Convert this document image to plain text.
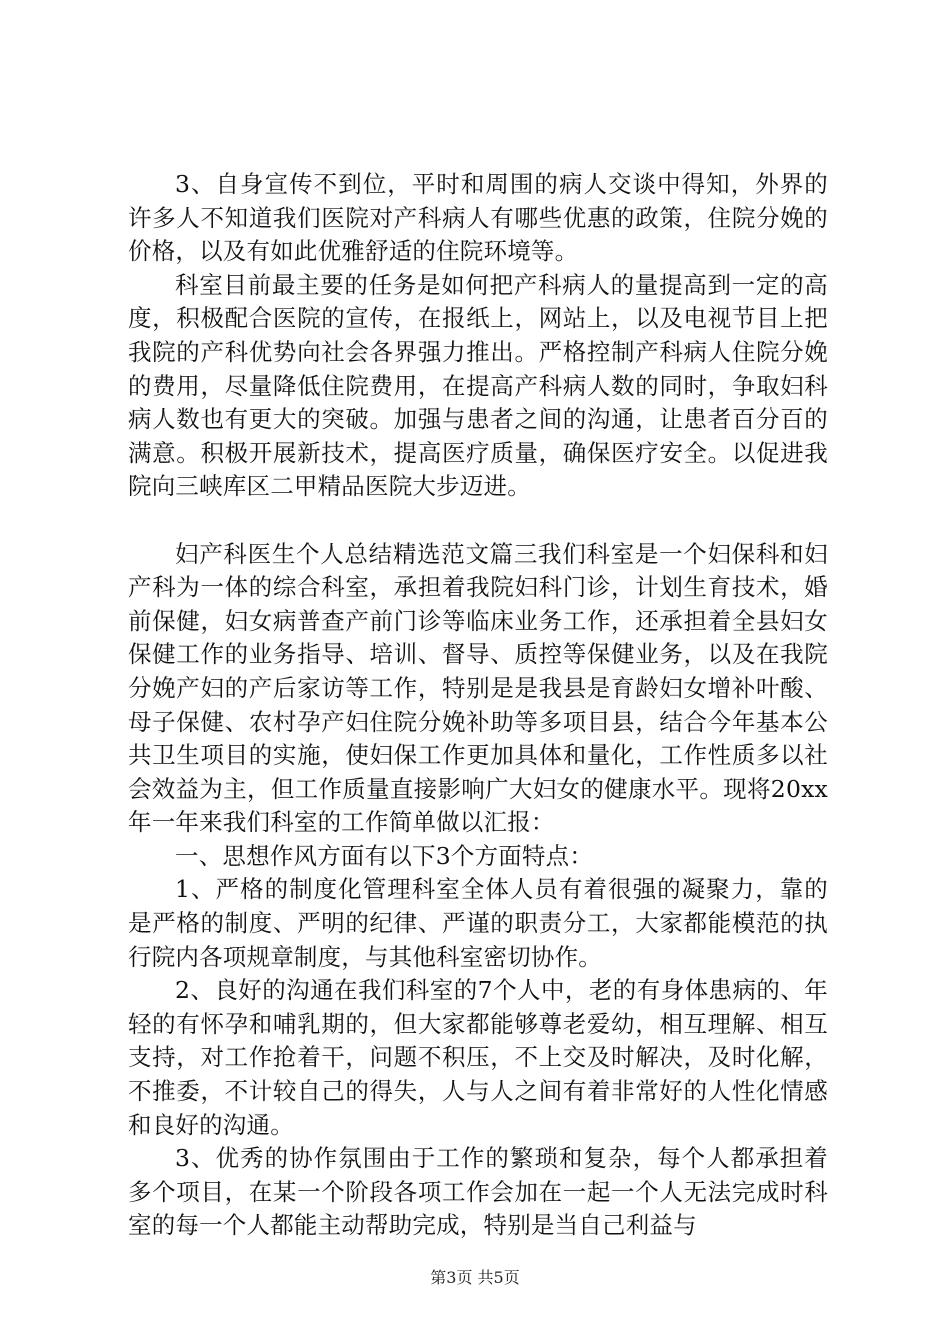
3、自身宣传不到位，平时和周围的病人交谈中得知，外界的许多人不知道我们医院对产科病人有哪些优惠的政策，住院分娩的价格，以及有如此优雅舒适的住院环境等。

科室目前最主要的任务是如何把产科病人的量提高到一定的高度，积极配合医院的宣传，在报纸上，网站上，以及电视节目上把我院的产科优势向社会各界强力推出。严格控制产科病人住院分娩的费用，尽量降低住院费用，在提高产科病人数的同时，争取妇科病人数也有更大的突破。加强与患者之间的沟通，让患者百分百的满意。积极开展新技术，提高医疗质量，确保医疗安全。以促进我院向三峡库区二甲精品医院大步迈进。

妇产科医生个人总结精选范文篇三我们科室是一个妇保科和妇产科为一体的综合科室，承担着我院妇科门诊，计划生育技术，婚前保健，妇女病普查产前门诊等临床业务工作，还承担着全县妇女保健工作的业务指导、培训、督导、质控等保健业务，以及在我院分娩产妇的产后家访等工作，特别是是我县是育龄妇女增补叶酸、母子保健、农村孕产妇住院分娩补助等多项目县，结合今年基本公共卫生项目的实施，使妇保工作更加具体和量化，工作性质多以社会效益为主，但工作质量直接影响广大妇女的健康水平。现将20xx年一年来我们科室的工作简单做以汇报：

一、思想作风方面有以下3个方面特点：

1、严格的制度化管理科室全体人员有着很强的凝聚力，靠的是严格的制度、严明的纪律、严谨的职责分工，大家都能模范的执行院内各项规章制度，与其他科室密切协作。

2、良好的沟通在我们科室的7个人中，老的有身体患病的、年轻的有怀孕和哺乳期的，但大家都能够尊老爱幼，相互理解、相互支持，对工作抢着干，问题不积压，不上交及时解决，及时化解，不推委，不计较自己的得失，人与人之间有着非常好的人性化情感和良好的沟通。

3、优秀的协作氛围由于工作的繁琐和复杂，每个人都承担着多个项目，在某一个阶段各项工作会加在一起一个人无法完成时科室的每一个人都能主动帮助完成，特别是当自己利益与

第3页 共5页
